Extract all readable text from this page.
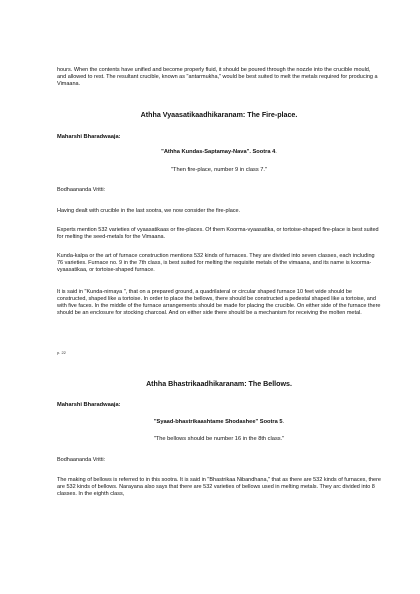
hours. When the contents have unified and become properly fluid, it should be poured through the nozzle into the crucible mould, and allowed to rest. The resultant crucible, known as "antarmukha," would be best suited to melt the metals required for producing a Vimaana.

Athha Vyaasatikaadhikaranam: The Fire-place.

Maharshi Bharadwaaja:

"Athha Kundas-Saptamay-Nava". Sootra 4.

"Then fire-place, number 9 in class 7."

Bodhaananda Vritti:

Having dealt with crucible in the last sootra, we now consider the fire-place.

Experts mention 532 varieties of vyaasatikaas or fire-places. Of them Koorma-vyaasatika, or tortoise-shaped fire-place is best suited for melting the seed-metals for the Vimaana.

Kunda-kalpa or the art of furnace construction mentions 532 kinds of furnaces. They are divided into seven classes, each including 76 varieties. Furnace no. 9 in the 7th class, is best suited for melting the requisite metals of the vimaana, and its name is koorma-vyaasatikaa, or tortoise-shaped furnace.

It is said in "Kunda-nirnaya ", that on a prepared ground, a quadrilateral or circular shaped furnace 10 feet wide should be constructed, shaped like a tortoise. In order to place the bellows, there should be constructed a pedestal shaped like a tortoise, and with five faces. In the middle of the furnace arrangements should be made for placing the crucible. On either side of the furnace there should be an enclosure for stocking charcoal. And on either side there should be a mechanism for receiving the molten metal.

p. 22

Athha Bhastrikaadhikaranam: The Bellows.

Maharshi Bharadwaaja:

"Syaad-bhastrikaashtame Shodashee" Sootra 5.

"The bellows should be number 16 in the 8th class."

Bodhaananda Vritti:

The making of bellows is referred to in this sootra. It is said in "Bhastrikaa Nibandhana," that as there are 532 kinds of furnaces, there are 532 kinds of bellows. Narayana also says that there are 532 varieties of bellows used in melting metals. They arc divided into 8 classes. In the eighth class,
